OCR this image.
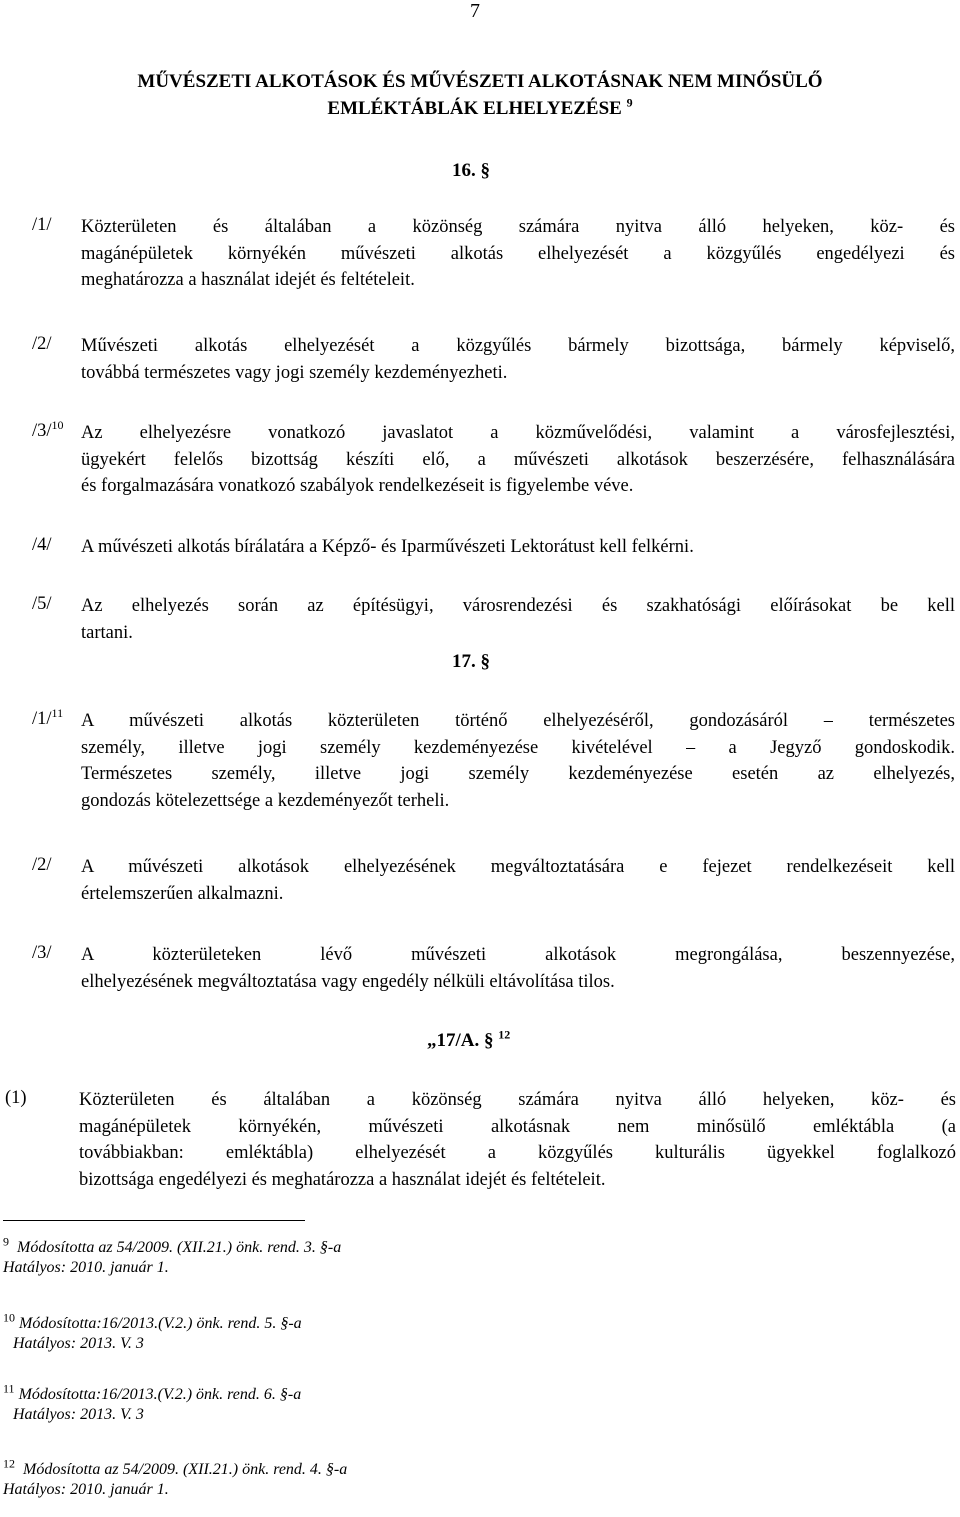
7
MŰVÉSZETI ALKOTÁSOK ÉS MŰVÉSZETI ALKOTÁSNAK NEM MINŐSÜLŐ
EMLÉKTÁBLÁK ELHELYEZÉSE $^9$
16. §
/1/ Közterületen és általában a közönség számára nyitva álló helyeken, köz- és
magánépületek környékén művészeti alkotás elhelyezését a közgyűlés engedélyezi és
meghatározza a használat idejét és feltételeit.
/2/ Művészeti alkotás elhelyezését a közgyűlés bármely bizottsága, bármely képviselő,
továbbá természetes vagy jogi személy kezdeményezheti.
/3/$^{10}$ Az elhelyezésre vonatkozó javaslatot a közművelődési, valamint a városfejlesztési,
ügyekért felelős bizottság készíti elő, a művészeti alkotások beszerzésére, felhasználására
és forgalmazására vonatkozó szabályok rendelkezéseit is figyelembe véve.
/4/ A művészeti alkotás bírálatára a Képző- és Iparművészeti Lektorátust kell felkérni.
/5/ Az elhelyezés során az építésügyi, városrendezési és szakhatósági előírásokat be kell
tartani.
17. §
/1/$^{11}$ A művészeti alkotás közterületen történő elhelyezéséről, gondozásáról ⎯ természetes
személy, illetve jogi személy kezdeményezése kivételével ⎯ a Jegyző gondoskodik.
Természetes személy, illetve jogi személy kezdeményezése esetén az elhelyezés,
gondozás kötelezettsége a kezdeményezőt terheli.
/2/ A művészeti alkotások elhelyezésének megváltoztatására e fejezet rendelkezéseit kell
értelemszerűen alkalmazni.
/3/ A közterületeken lévő művészeti alkotások megrongálása, beszennyezése,
elhelyezésének megváltoztatása vagy engedély nélküli eltávolítása tilos.
„17/A. § $^{12}$
(1)	Közterületen és általában a közönség számára nyitva álló helyeken, köz- és
magánépületek környékén, művészeti alkotásnak nem minősülő emléktábla (a
továbbiakban: emléktábla) elhelyezését a közgyűlés kulturális ügyekkel foglalkozó
bizottsága engedélyezi és meghatározza a használat idejét és feltételeit.
$^9$ Módosította az 54/2009. (XII.21.) önk. rend. 3. §-a
Hatályos: 2010. január 1.
$^{10}$ Módosította:16/2013.(V.2.) önk. rend. 5. §-a
Hatályos: 2013. V. 3
$^{11}$ Módosította:16/2013.(V.2.) önk. rend. 6. §-a
Hatályos: 2013. V. 3
$^{12}$ Módosította az 54/2009. (XII.21.) önk. rend. 4. §-a
Hatályos: 2010. január 1.
